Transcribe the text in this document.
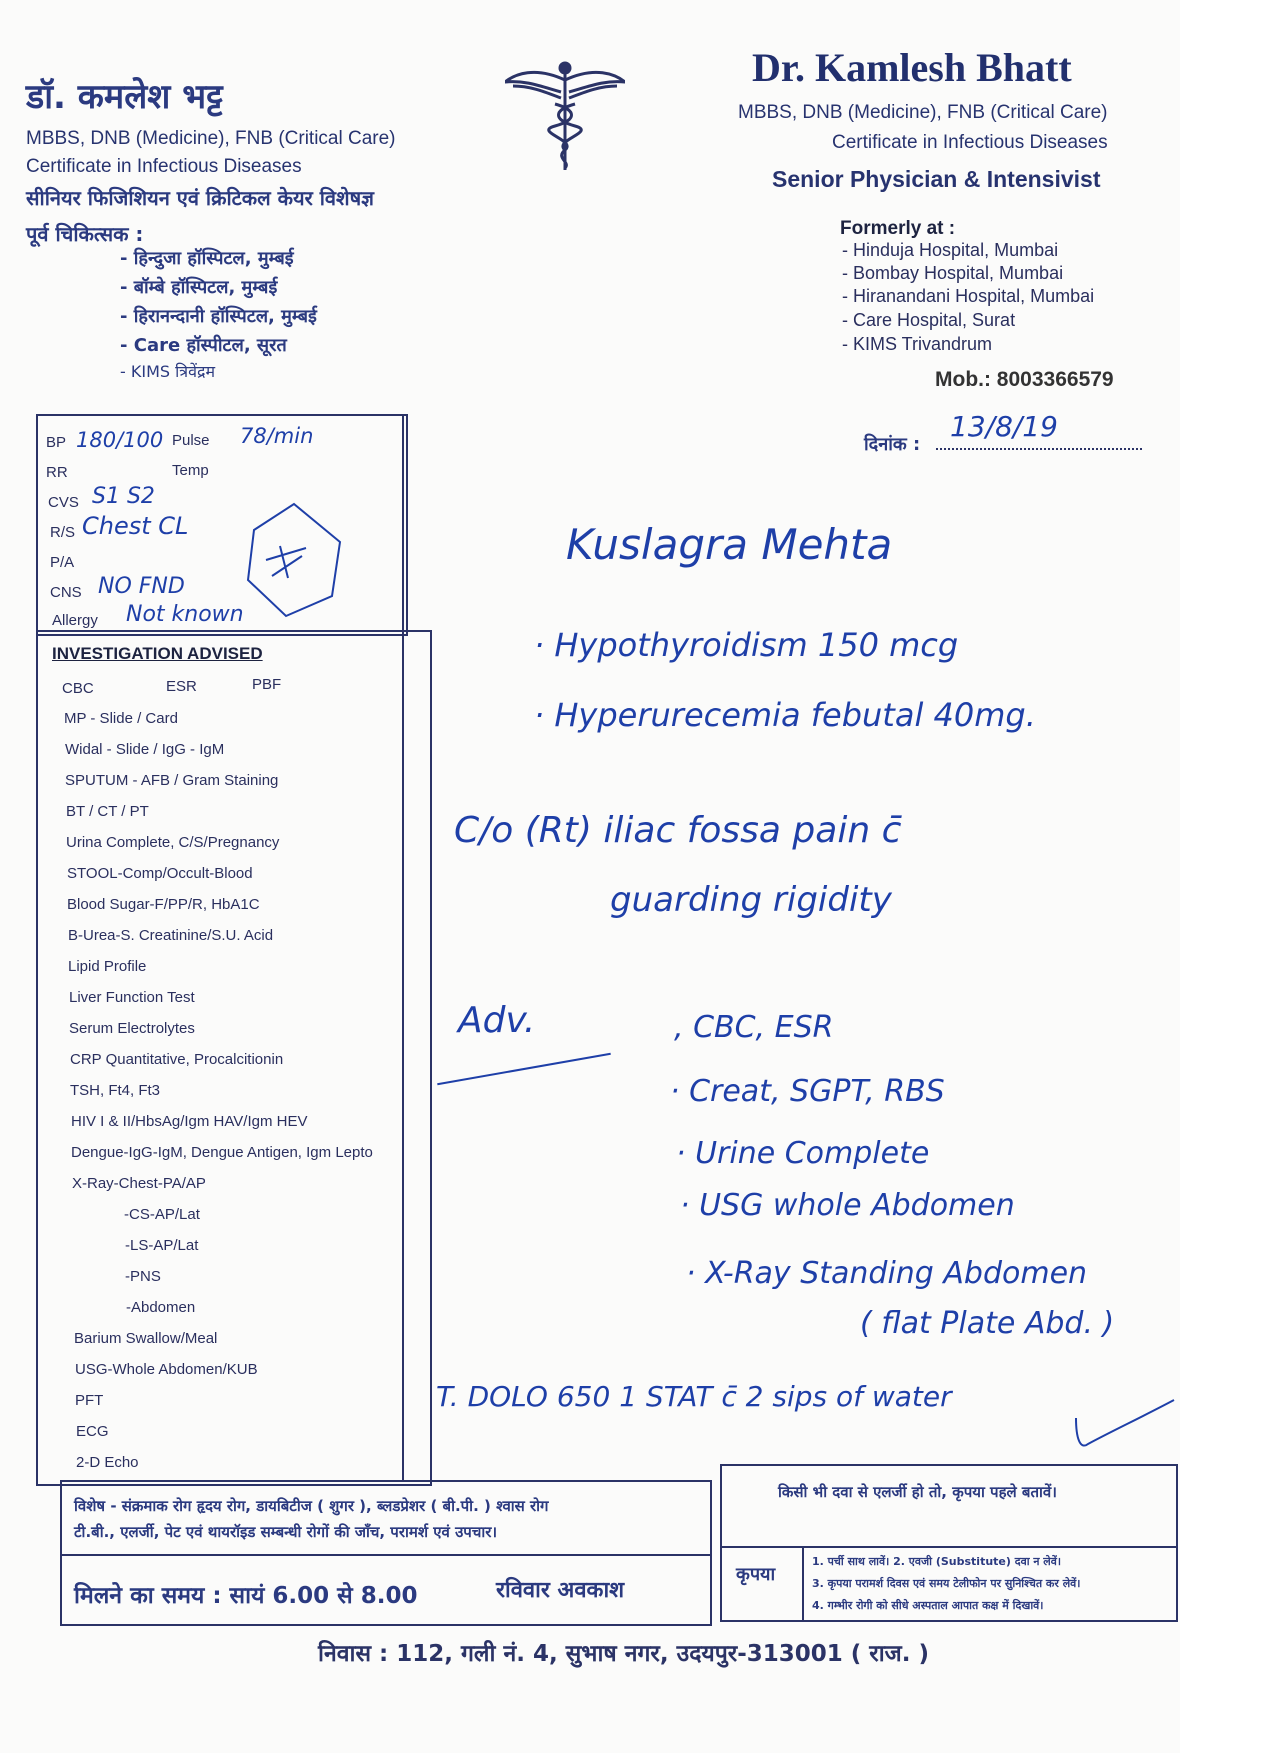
डॉ. कमलेश भट्ट
MBBS, DNB (Medicine), FNB (Critical Care)
Certificate in Infectious Diseases
सीनियर फिजिशियन एवं क्रिटिकल केयर विशेषज्ञ
पूर्व चिकित्सक :
- हिन्दुजा हॉस्पिटल, मुम्बई
- बॉम्बे हॉस्पिटल, मुम्बई
- हिरानन्दानी हॉस्पिटल, मुम्बई
- Care हॉस्पीटल, सूरत
- KIMS त्रिवेंद्रम
Dr. Kamlesh Bhatt
MBBS, DNB (Medicine), FNB (Critical Care)
Certificate in Infectious Diseases
Senior Physician & Intensivist
Formerly at :
- Hinduja Hospital, Mumbai
- Bombay Hospital, Mumbai
- Hiranandani Hospital, Mumbai
- Care Hospital, Surat
- KIMS Trivandrum
Mob.: 8003366579
BP 180/100 Pulse 78/min
RR	Temp
CVS S1 S2
R/S Chest CL
P/A
CNS NO FND
Allergy Not known
दिनांक :
13/8/19
INVESTIGATION ADVISED
CBC	ESR	PBF
MP - Slide / Card
Widal - Slide / IgG - IgM
SPUTUM - AFB / Gram Staining
BT / CT / PT
Urina Complete, C/S/Pregnancy
STOOL-Comp/Occult-Blood
Blood Sugar-F/PP/R, HbA1C
B-Urea-S. Creatinine/S.U. Acid
Lipid Profile
Liver Function Test
Serum Electrolytes
CRP Quantitative, Procalcitionin
TSH, Ft4, Ft3
HIV I & II/HbsAg/Igm HAV/Igm HEV
Dengue-IgG-IgM, Dengue Antigen, Igm Lepto
X-Ray-Chest-PA/AP
-CS-AP/Lat
-LS-AP/Lat
-PNS
-Abdomen
Barium Swallow/Meal
USG-Whole Abdomen/KUB
PFT
ECG
2-D Echo
Kuslagra Mehta
· Hypothyroidism 150 mcg
· Hyperurecemia febutal 40mg.
C/o (Rt) iliac fossa pain c̄
guarding rigidity
Adv.	, CBC, ESR
· Creat, SGPT, RBS
· Urine Complete
· USG whole Abdomen
· X-Ray Standing Abdomen
( flat Plate Abd. )
T. DOLO 650 1 STAT c̄ 2 sips of water
विशेष - संक्रमाक रोग हृदय रोग, डायबिटीज ( शुगर ), ब्लडप्रेशर ( बी.पी. ) श्वास रोग
टी.बी., एलर्जी, पेट एवं थायरॉइड सम्बन्धी रोगों की जाँच, परामर्श एवं उपचार।
मिलने का समय : सायं 6.00 से 8.00	रविवार अवकाश
किसी भी दवा से एलर्जी हो तो, कृपया पहले बतावें।
कृपया
1. पर्ची साथ लावें। 2. एवजी (Substitute) दवा न लेवें।
3. कृपया परामर्श दिवस एवं समय टेलीफोन पर सुनिश्चित कर लेवें।
4. गम्भीर रोगी को सीधे अस्पताल आपात कक्ष में दिखावें।
निवास : 112, गली नं. 4, सुभाष नगर, उदयपुर-313001 ( राज. )
